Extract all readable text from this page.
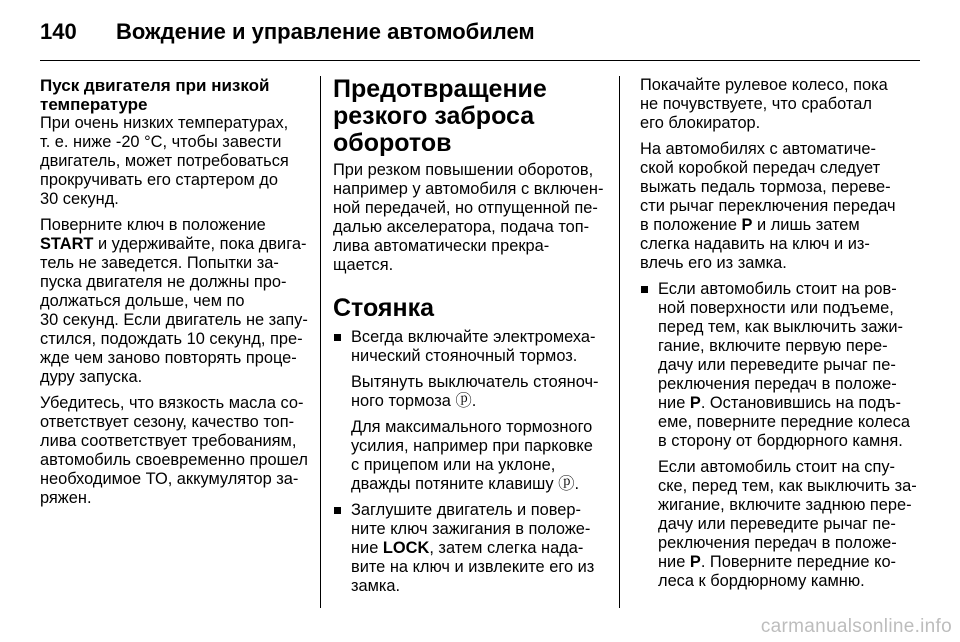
140	Вождение и управление автомобилем
Пуск двигателя при низкой
температуре

При очень низких температурах,
т. е. ниже -20 °C, чтобы завести
двигатель, может потребоваться
прокручивать его стартером до
30 секунд.

Поверните ключ в положение
START и удерживайте, пока двига-
тель не заведется. Попытки за-
пуска двигателя не должны про-
должаться дольше, чем по
30 секунд. Если двигатель не запу-
стился, подождать 10 секунд, пре-
жде чем заново повторять проце-
дуру запуска.

Убедитесь, что вязкость масла со-
ответствует сезону, качество топ-
лива соответствует требованиям,
автомобиль своевременно прошел
необходимое ТО, аккумулятор за-
ряжен.

Предотвращение
резкого заброса
оборотов

При резком повышении оборотов,
например у автомобиля с включен-
ной передачей, но отпущенной пе-
далью акселератора, подача топ-
лива автоматически прекра-
щается.

Стоянка

Всегда включайте электромеха-
нический стояночный тормоз.

Вытянуть выключатель стояноч-
ного тормоза ⓟ.

Для максимального тормозного
усилия, например при парковке
с прицепом или на уклоне,
дважды потяните клавишу ⓟ.

Заглушите двигатель и повер-
ните ключ зажигания в положе-
ние LOCK, затем слегка нада-
вите на ключ и извлеките его из
замка.

Покачайте рулевое колесо, пока
не почувствуете, что сработал
его блокиратор.

На автомобилях с автоматиче-
ской коробкой передач следует
выжать педаль тормоза, переве-
сти рычаг переключения передач
в положение P и лишь затем
слегка надавить на ключ и из-
влечь его из замка.

Если автомобиль стоит на ров-
ной поверхности или подъеме,
перед тем, как выключить зажи-
гание, включите первую пере-
дачу или переведите рычаг пе-
реключения передач в положе-
ние P. Остановившись на подъ-
еме, поверните передние колеса
в сторону от бордюрного камня.

Если автомобиль стоит на спу-
ске, перед тем, как выключить за-
жигание, включите заднюю пере-
дачу или переведите рычаг пе-
реключения передач в положе-
ние P. Поверните передние ко-
леса к бордюрному камню.

carmanualsonline.info
